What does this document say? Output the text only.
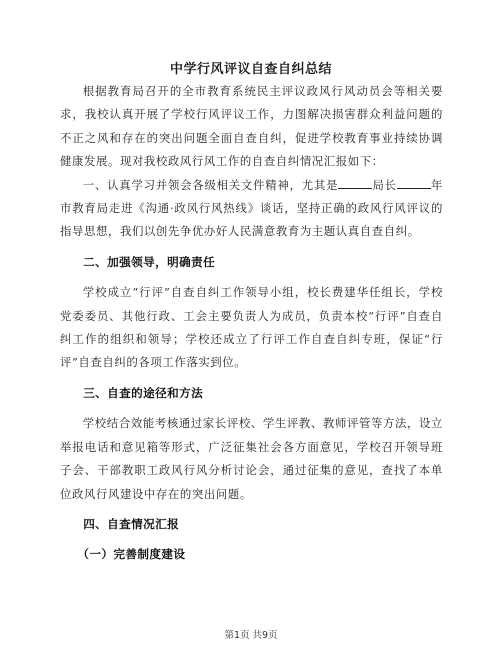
中学行风评议自查自纠总结

根据教育局召开的全市教育系统民主评议政风行风动员会等相关要求，我校认真开展了学校行风评议工作，力图解决损害群众利益问题的不正之风和存在的突出问题全面自查自纠，促进学校教育事业持续协调健康发展。现对我校政风行风工作的自查自纠情况汇报如下：

一、认真学习并领会各级相关文件精神，尤其是	局长	年市教育局走进《沟通·政风行风热线》谈话，坚持正确的政风行风评议的指导思想，我们以创先争优办好人民满意教育为主题认真自查自纠。

二、加强领导，明确责任

学校成立“行评”自查自纠工作领导小组，校长费建华任组长，学校党委委员、其他行政、工会主要负责人为成员，负责本校“行评”自查自纠工作的组织和领导；学校还成立了行评工作自查自纠专班，保证“行评”自查自纠的各项工作落实到位。

三、自查的途径和方法

学校结合效能考核通过家长评校、学生评教、教师评管等方法，设立举报电话和意见箱等形式，广泛征集社会各方面意见，学校召开领导班子会、干部教职工政风行风分析讨论会，通过征集的意见，查找了本单位政风行风建设中存在的突出问题。

四、自查情况汇报

（一）完善制度建设

第1页 共9页
